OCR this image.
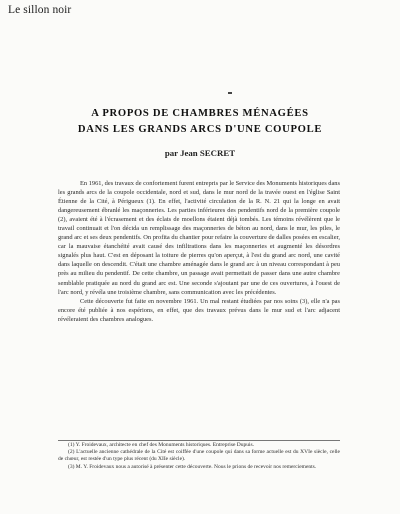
Le sillon noir
A PROPOS DE CHAMBRES MÉNAGÉES
DANS LES GRANDS ARCS D'UNE COUPOLE
par Jean SECRET

En 1961, des travaux de confortement furent entrepris par le Service des Monuments historiques dans les grands arcs de la coupole occidentale, nord et sud, dans le mur nord de la travée ouest en l'église Saint Étienne de la Cité, à Périgueux (1). En effet, l'activité circulation de la R. N. 21 qui la longe en avait dangereusement ébranlé les maçonneries. Les parties inférieures des pendentifs nord de la première coupole (2), avaient été à l'écrasement et des éclats de moellons étaient déjà tombés. Les témoins révélèrent que le travail continuait et l'on décida un remplissage des maçonneries de béton au nord, dans le mur, les piles, le grand arc et ses deux pendentifs. On profita du chantier pour refaire la couverture de dalles posées en escalier, car la mauvaise étanchéité avait causé des infiltrations dans les maçonneries et augmenté les désordres signalés plus haut. C'est en déposant la toiture de pierres qu'on aperçut, à l'est du grand arc nord, une cavité dans laquelle on descendit. C'était une chambre aménagée dans le grand arc à un niveau correspondant à peu près au milieu du pendentif. De cette chambre, un passage avait permettait de passer dans une autre chambre semblable pratiquée au nord du grand arc est. Une seconde s'ajoutant par une de ces ouvertures, à l'ouest de l'arc nord, y révéla une troisième chambre, sans communication avec les précédentes.

Cette découverte fut faite en novembre 1961. Un mal restant étudiées par nos soins (3), elle n'a pas encore été publiée à nos espérions, en effet, que des travaux prévus dans le mur sud et l'arc adjacent révéleraient des chambres analogues.

(1) Y. Froidevaux, architecte en chef des Monuments historiques. Entreprise Dupuis.
(2) L'actuelle ancienne cathédrale de la Cité est coiffée d'une coupole qui dans sa forme actuelle est du XVIe siècle, celle de chœur, est restée d'un type plus récent (du XIIe siècle).
(3) M. Y. Froidevaux nous a autorisé à présenter cette découverte. Nous le prions de recevoir nos remerciements.
